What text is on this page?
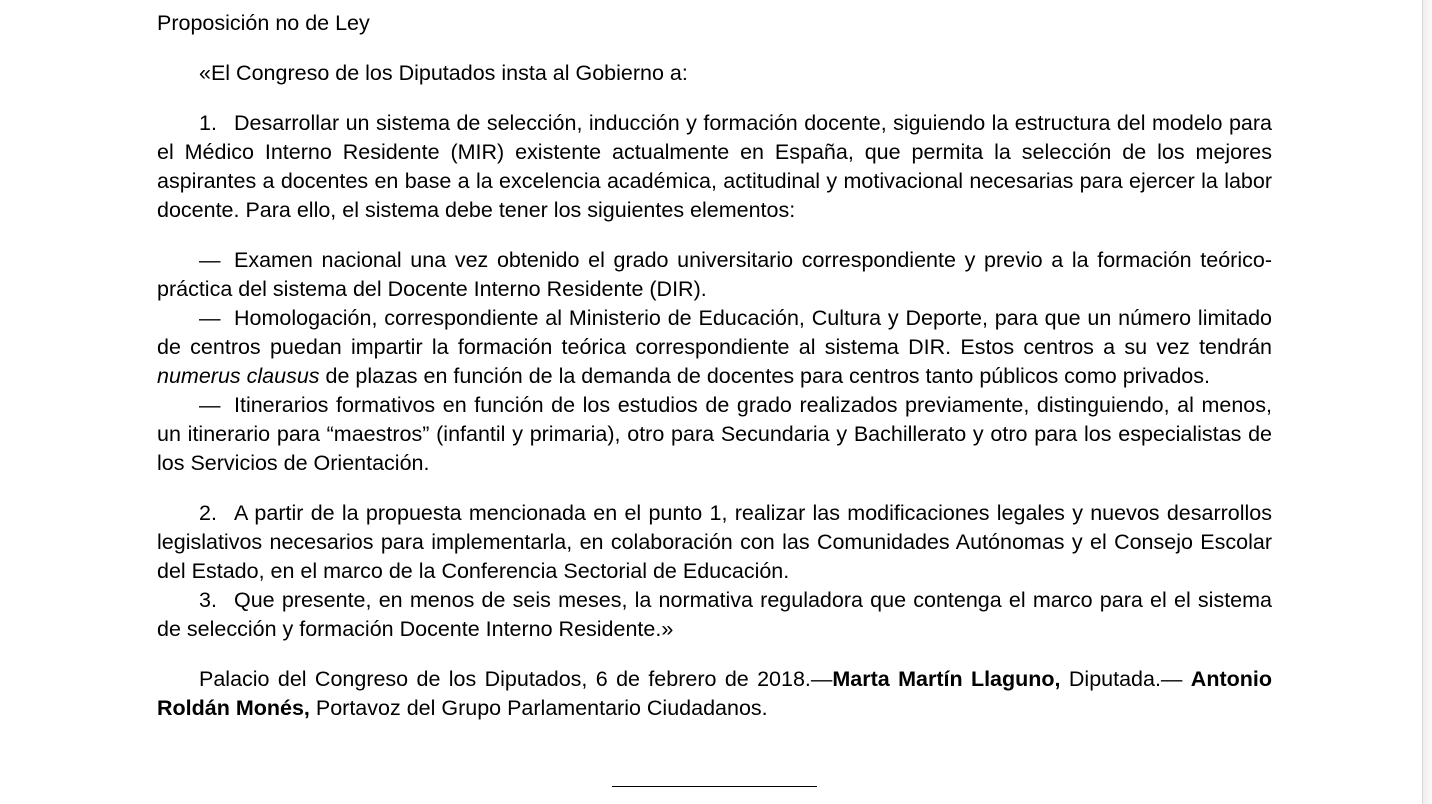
Proposición no de Ley

«El Congreso de los Diputados insta al Gobierno a:

1. Desarrollar un sistema de selección, inducción y formación docente, siguiendo la estructura del modelo para el Médico Interno Residente (MIR) existente actualmente en España, que permita la selección de los mejores aspirantes a docentes en base a la excelencia académica, actitudinal y motivacional necesarias para ejercer la labor docente. Para ello, el sistema debe tener los siguientes elementos:

— Examen nacional una vez obtenido el grado universitario correspondiente y previo a la formación teórico-práctica del sistema del Docente Interno Residente (DIR).

— Homologación, correspondiente al Ministerio de Educación, Cultura y Deporte, para que un número limitado de centros puedan impartir la formación teórica correspondiente al sistema DIR. Estos centros a su vez tendrán numerus clausus de plazas en función de la demanda de docentes para centros tanto públicos como privados.

— Itinerarios formativos en función de los estudios de grado realizados previamente, distinguiendo, al menos, un itinerario para “maestros” (infantil y primaria), otro para Secundaria y Bachillerato y otro para los especialistas de los Servicios de Orientación.

2. A partir de la propuesta mencionada en el punto 1, realizar las modificaciones legales y nuevos desarrollos legislativos necesarios para implementarla, en colaboración con las Comunidades Autónomas y el Consejo Escolar del Estado, en el marco de la Conferencia Sectorial de Educación.

3. Que presente, en menos de seis meses, la normativa reguladora que contenga el marco para el el sistema de selección y formación Docente Interno Residente.»

Palacio del Congreso de los Diputados, 6 de febrero de 2018.—Marta Martín Llaguno, Diputada.— Antonio Roldán Monés, Portavoz del Grupo Parlamentario Ciudadanos.
